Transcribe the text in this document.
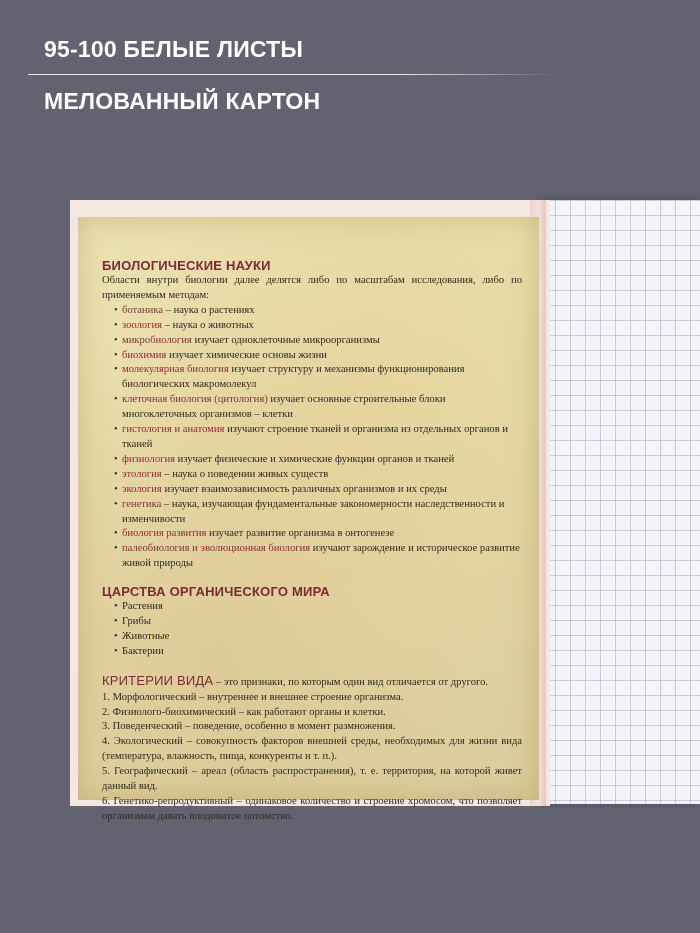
95-100 БЕЛЫЕ ЛИСТЫ
МЕЛОВАННЫЙ КАРТОН
БИОЛОГИЧЕСКИЕ НАУКИ

Области внутри биологии далее делятся либо по масштабам исследования, либо по применяемым методам:

• ботаника – наука о растениях
• зоология – наука о животных
• микробиология изучает одноклеточные микроорганизмы
• биохимия изучает химические основы жизни
• молекулярная биология изучает структуру и механизмы функционирования биологических макромолекул
• клеточная биология (цитология) изучает основные строительные блоки многоклеточных организмов – клетки
• гистология и анатомия изучают строение тканей и организма из отдельных органов и тканей
• физиология изучает физические и химические функции органов и тканей
• этология – наука о поведении живых существ
• экология изучает взаимозависимость различных организмов и их среды
• генетика – наука, изучающая фундаментальные закономерности наследственности и изменчивости
• биология развития изучает развитие организма в онтогенезе
• палеобиология и эволюционная биология изучают зарождение и историческое развитие живой природы
ЦАРСТВА ОРГАНИЧЕСКОГО МИРА
• Растения
• Грибы
• Животные
• Бактерии

КРИТЕРИИ ВИДА – это признаки, по которым один вид отличается от другого.

1. Морфологический – внутреннее и внешнее строение организма.
2. Физиолого-биохимический – как работают органы и клетки.
3. Поведенческий – поведение, особенно в момент размножения.
4. Экологический – совокупность факторов внешней среды, необходимых для жизни вида (температура, влажность, пища, конкуренты и т. п.).
5. Географический – ареал (область распространения), т. е. территория, на которой живет данный вид.
6. Генетико-репродуктивный – одинаковое количество и строение хромосом, что позволяет организмам давать плодовитое потомство.
